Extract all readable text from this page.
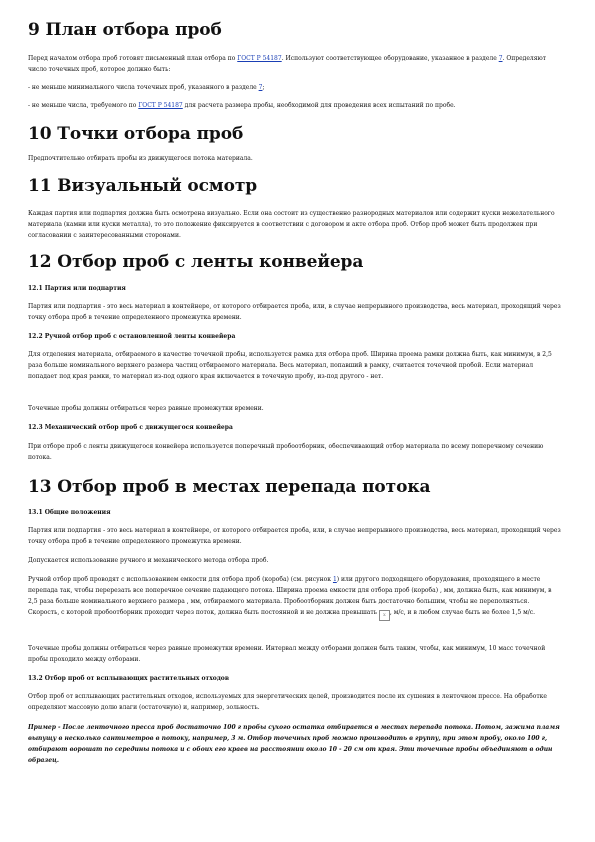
9 План отбора проб

Перед началом отбора проб готовят письменный план отбора по ГОСТ Р 54187. Используют соответствующее оборудование, указанное в разделе 7. Определяют число точечных проб, которое должно быть:

- не меньше минимального числа точечных проб, указанного в разделе 7;

- не меньше числа, требуемого по ГОСТ Р 54187 для расчета размера пробы, необходимой для проведения всех испытаний по пробе.

10 Точки отбора проб

Предпочтительно отбирать пробы из движущегося потока материала.

11 Визуальный осмотр

Каждая партия или подпартия должна быть осмотрена визуально. Если она состоит из существенно разнородных материалов или содержит куски нежелательного материала (камни или куски металла), то это положение фиксируется в соответствии с договором и акте отбора проб. Отбор проб может быть продолжен при согласовании с заинтересованными сторонами.

12 Отбор проб с ленты конвейера

12.1 Партия или подпартия

Партия или подпартия - это весь материал в контейнере, от которого отбирается проба, или, в случае непрерывного производства, весь материал, проходящий через точку отбора проб в течение определенного промежутка времени.

12.2 Ручной отбор проб с остановленной ленты конвейера

Для отделения материала, отбираемого в качестве точечной пробы, используется рамка для отбора проб. Ширина проема рамки должна быть, как минимум, в 2,5 раза больше номинального верхнего размера частиц отбираемого материала. Весь материал, попавший в рамку, считается точечной пробой. Если материал попадает под края рамки, то материал из-под одного края включается в точечную пробу, из-под другого - нет.

Точечные пробы должны отбираться через равные промежутки времени.

12.3 Механический отбор проб с движущегося конвейера

При отборе проб с ленты движущегося конвейера используется поперечный пробоотборник, обеспечивающий отбор материала по всему поперечному сечению потока.

13 Отбор проб в местах перепада потока

13.1 Общие положения

Партия или подпартия - это весь материал в контейнере, от которого отбирается проба, или, в случае непрерывного производства, весь материал, проходящий через точку отбора проб в течение определенного промежутка времени.

Допускается использование ручного и механического метода отбора проб.

Ручной отбор проб проводят с использованием емкости для отбора проб (короба) (см. рисунок 1) или другого подходящего оборудования, проходящего в месте перепада так, чтобы перерезать все поперечное сечение падающего потока. Ширина проема емкости для отбора проб (короба) , мм, должна быть, как минимум, в 2,5 раза больше номинального верхнего размера , мм, отбираемого материала. Пробоотборник должен быть достаточно большим, чтобы не переполняться. Скорость, с которой пробоотборник проходит через поток, должна быть постоянной и не должна превышать x , м/с, и в любом случае быть не более 1,5 м/с.

Точечные пробы должны отбираться через равные промежутки времени. Интервал между отборами должен быть таким, чтобы, как минимум, 10 масс точечной пробы проходило между отборами.

13.2 Отбор проб от всплывающих растительных отходов

Отбор проб от всплывающих растительных отходов, используемых для энергетических целей, производится после их сушения в ленточном прессе. На обработке определяют массовую долю влаги (остаточную) и, например, зольность.

Пример - После ленточного пресса проб достаточно 100 г пробы сухого остатка отбирается в местах перепада потока. Потом, зажима пламя выпущу в несколько сантиметров в потоку, например, 3 м. Отбор точечных проб можно производить в группу, при этом пробу, около 100 г, отбирают ворошат по середины потока и с обоих его краев на расстоянии около 10 - 20 см от края. Эти точечные пробы объединяют в один образец.
